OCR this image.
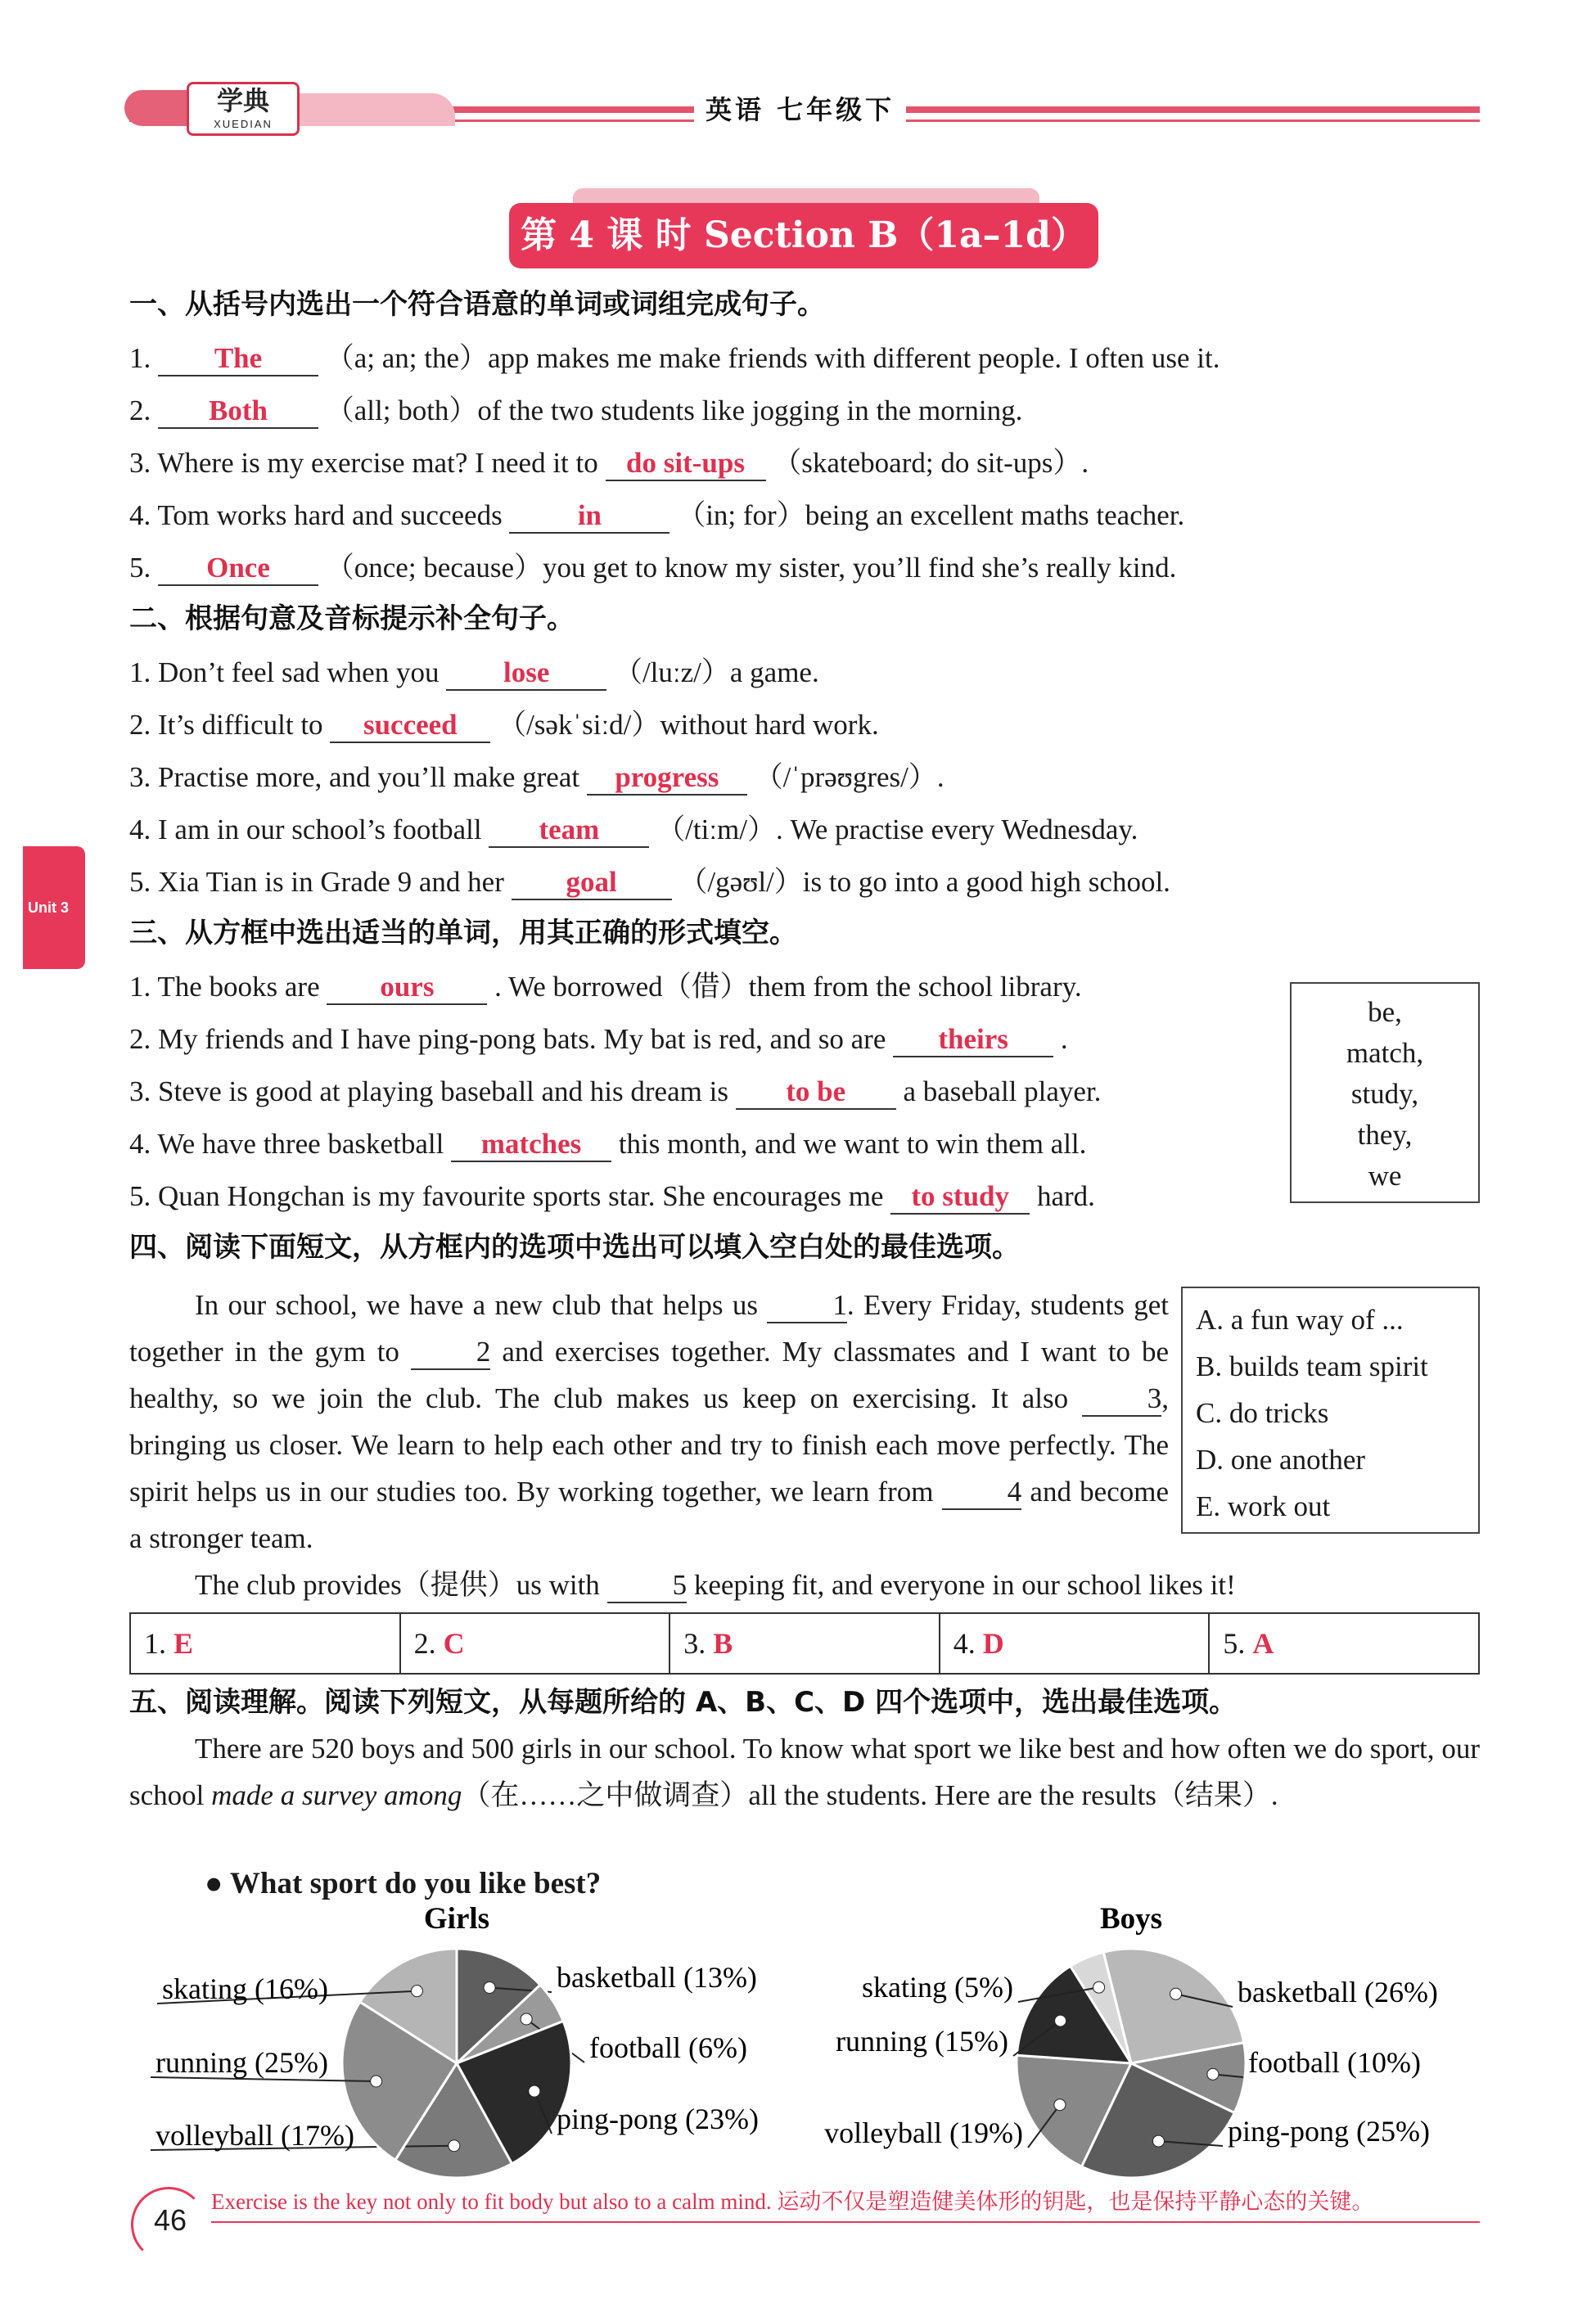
学典
XUEDIAN	英语 七年级下
第 4 课 时 Section B（1a–1d）
Unit 3
一、从括号内选出一个符合语意的单词或词组完成句子。
1. The （a; an; the）app makes me make friends with different people. I often use it.
2. Both （all; both）of the two students like jogging in the morning.
3. Where is my exercise mat? I need it to do sit-ups （skateboard; do sit-ups）.
4. Tom works hard and succeeds	in	（in; for）being an excellent maths teacher.
5. Once （once; because）you get to know my sister, you’ll find she’s really kind.
二、根据句意及音标提示补全句子。
1. Don’t feel sad when you lose （/luːz/）a game.
2. It’s difficult to succeed （/səkˈsiːd/）without hard work.
3. Practise more, and you’ll make great progress （/ˈprəʊgres/）.
4. I am in our school’s football team （/tiːm/）. We practise every Wednesday.
5. Xia Tian is in Grade 9 and her goal （/gəʊl/）is to go into a good high school.
三、从方框中选出适当的单词，用其正确的形式填空。
1. The books are ours . We borrowed（借）them from the school library.
2. My friends and I have ping-pong bats. My bat is red, and so are theirs .
3. Steve is good at playing baseball and his dream is to be a baseball player.
4. We have three basketball matches this month, and we want to win them all.
5. Quan Hongchan is my favourite sports star. She encourages me to study hard.
be,
match,
study,
they,
we
四、阅读下面短文，从方框内的选项中选出可以填入空白处的最佳选项。
In our school, we have a new club that helps us	1. Every Friday, students get together in the gym to	2 and exercises together. My classmates and I want to be healthy, so we join the club. The club makes us keep on exercising. It also	3, bringing us closer. We learn to help each other and try to finish each move perfectly. The spirit helps us in our studies too. By working together, we learn from	4 and become a stronger team.
The club provides（提供）us with	5 keeping fit, and everyone in our school likes it!
A. a fun way of ...
B. builds team spirit
C. do tricks
D. one another
E. work out
1. E	2. C	3. B	4. D	5. A
五、阅读理解。阅读下列短文，从每题所给的 A、B、C、D 四个选项中，选出最佳选项。
There are 520 boys and 500 girls in our school. To know what sport we like best and how often we do sport, our school made a survey among（在……之中做调查）all the students. Here are the results（结果）.
● What sport do you like best?
Girls
basketball (13%)
football (6%)
ping-pong (23%)
volleyball (17%)
running (25%)
skating (16%)
Boys
basketball (26%)
football (10%)
ping-pong (25%)
volleyball (19%)
running (15%)
skating (5%)
46
Exercise is the key not only to fit body but also to a calm mind. 运动不仅是塑造健美体形的钥匙，也是保持平静心态的关键。
